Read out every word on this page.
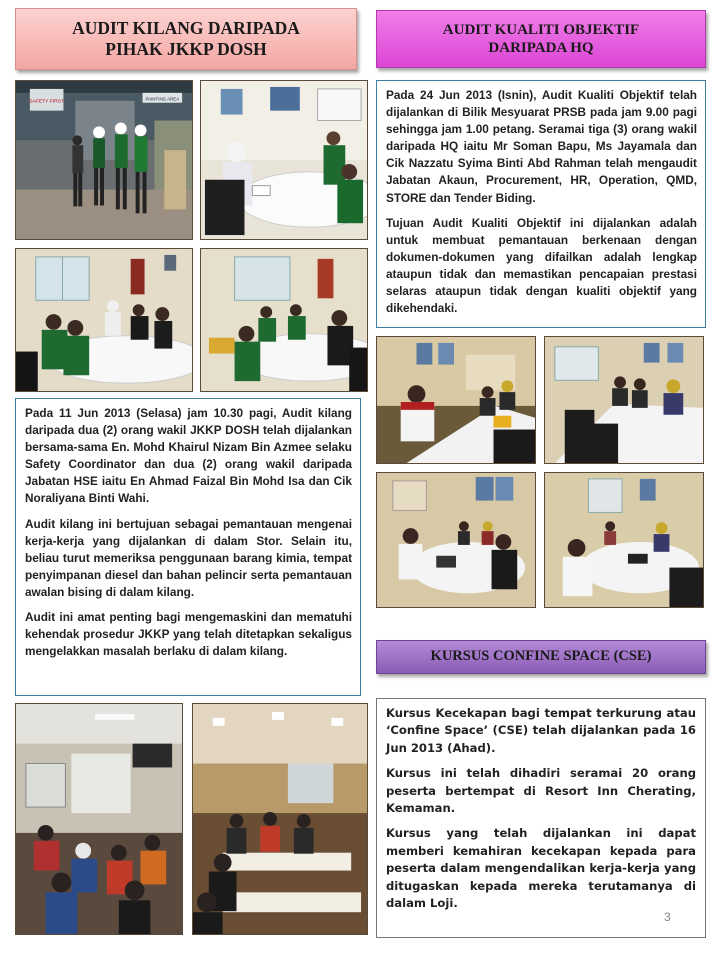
AUDIT KILANG DARIPADA
PIHAK JKKP DOSH
AUDIT KUALITI OBJEKTIF
DARIPADA HQ
KURSUS CONFINE SPACE (CSE)
SAFETY FIRST
PAINTING AREA

Pada 11 Jun 2013 (Selasa) jam 10.30 pagi, Audit kilang daripada dua (2) orang wakil JKKP DOSH telah dijalankan bersama-sama En. Mohd Khairul Nizam Bin Azmee selaku Safety Coordinator dan dua (2) orang wakil daripada Jabatan HSE iaitu En Ahmad Faizal Bin Mohd Isa dan Cik Noraliyana Binti Wahi.

Audit kilang ini bertujuan sebagai pemantauan mengenai kerja-kerja yang dijalankan di dalam Stor. Selain itu, beliau turut memeriksa penggunaan barang kimia, tempat penyimpanan diesel dan bahan pelincir serta pemantauan awalan bising di dalam kilang.

Audit ini amat penting bagi mengemaskini dan mematuhi kehendak prosedur JKKP yang telah ditetapkan sekaligus mengelakkan masalah berlaku di dalam kilang.

Pada 24 Jun 2013 (Isnin), Audit Kualiti Objektif telah dijalankan di Bilik Mesyuarat PRSB pada jam 9.00 pagi sehingga jam 1.00 petang. Seramai tiga (3) orang wakil daripada HQ iaitu Mr Soman Bapu, Ms Jayamala dan Cik Nazzatu Syima Binti Abd Rahman telah mengaudit Jabatan Akaun, Procurement, HR, Operation, QMD, STORE dan Tender Biding.

Tujuan Audit Kualiti Objektif ini dijalankan adalah untuk membuat pemantauan berkenaan dengan dokumen-dokumen yang difailkan adalah lengkap ataupun tidak dan memastikan pencapaian prestasi selaras ataupun tidak dengan kualiti objektif yang dikehendaki.

Kursus Kecekapan bagi tempat terkurung atau ‘Confine Space’ (CSE) telah dijalankan pada 16 Jun 2013 (Ahad).

Kursus ini telah dihadiri seramai 20 orang peserta bertempat di Resort Inn Cherating, Kemaman.

Kursus yang telah dijalankan ini dapat memberi kemahiran kecekapan kepada para peserta dalam mengendalikan kerja-kerja yang ditugaskan kepada mereka terutamanya di dalam Loji.

3
